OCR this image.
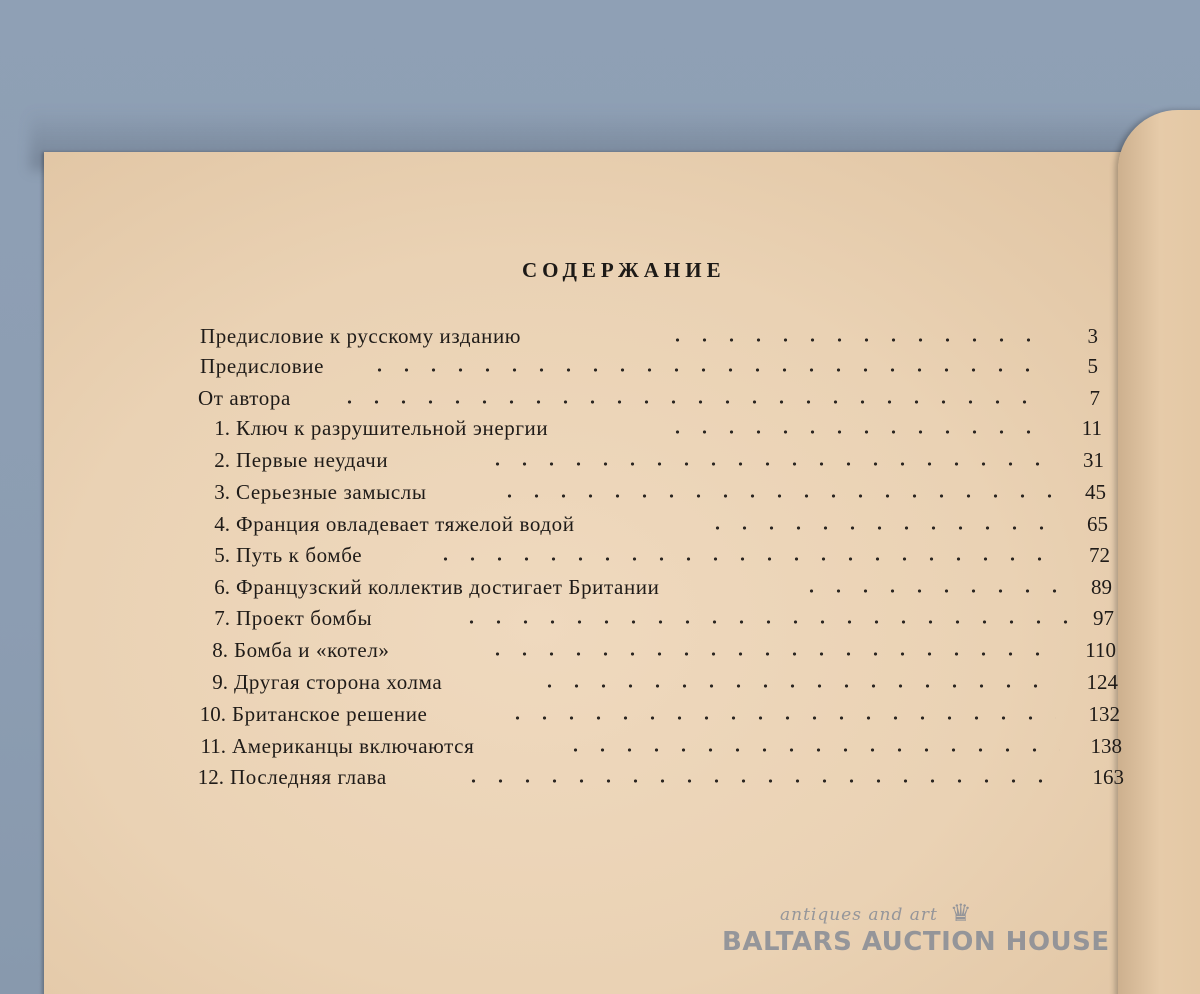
СОДЕРЖАНИЕ
Предисловие к русскому изданию	3
Предисловие	5
От автора	7
1. Ключ к разрушительной энергии	11
2. Первые неудачи	31
3. Серьезные замыслы	45
4. Франция овладевает тяжелой водой	65
5. Путь к бомбе	72
6. Французский коллектив достигает Британии	89
7. Проект бомбы	97
8. Бомба и «котел»	110
9. Другая сторона холма	124
10. Британское решение	132
11. Американцы включаются	138
12. Последняя глава	163
antiques and art ♛
BALTARS AUCTION HOUSE
